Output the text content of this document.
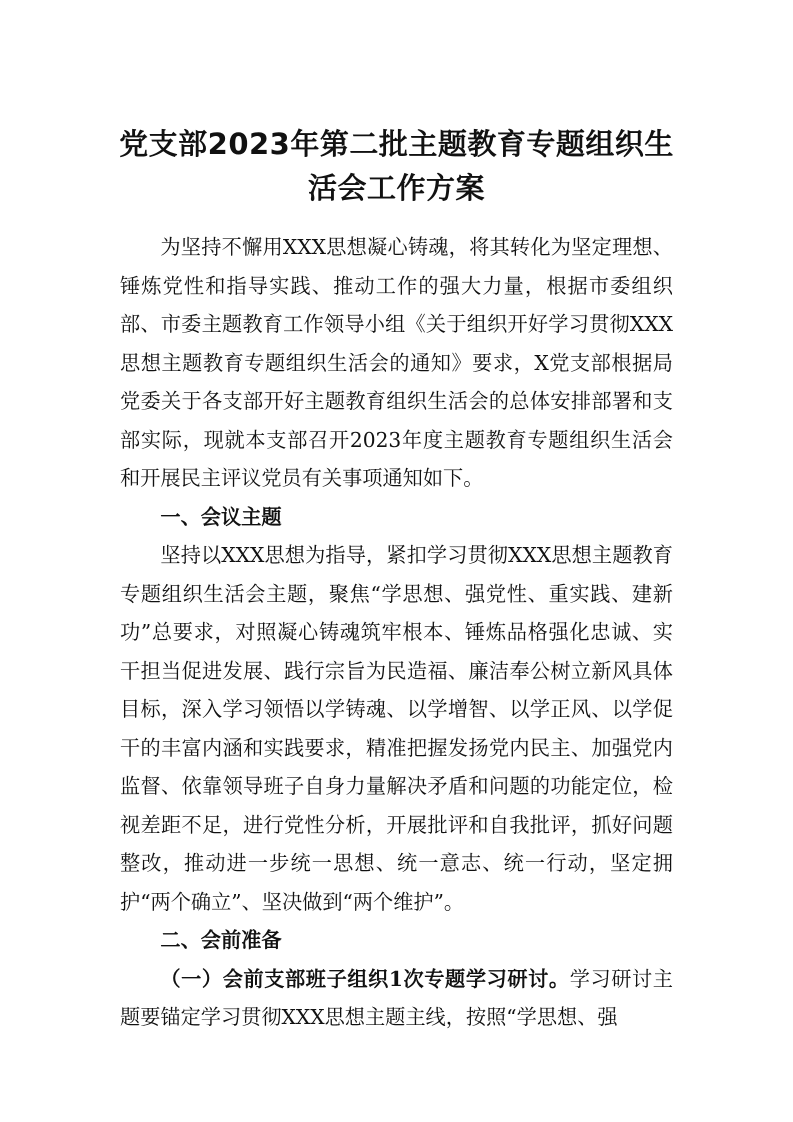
党支部2023年第二批主题教育专题组织生
活会工作方案

为坚持不懈用XXX思想凝心铸魂，将其转化为坚定理想、锤炼党性和指导实践、推动工作的强大力量，根据市委组织部、市委主题教育工作领导小组《关于组织开好学习贯彻XXX思想主题教育专题组织生活会的通知》要求，X党支部根据局党委关于各支部开好主题教育组织生活会的总体安排部署和支部实际，现就本支部召开2023年度主题教育专题组织生活会和开展民主评议党员有关事项通知如下。

一、会议主题

坚持以XXX思想为指导，紧扣学习贯彻XXX思想主题教育专题组织生活会主题，聚焦“学思想、强党性、重实践、建新功”总要求，对照凝心铸魂筑牢根本、锤炼品格强化忠诚、实干担当促进发展、践行宗旨为民造福、廉洁奉公树立新风具体目标，深入学习领悟以学铸魂、以学增智、以学正风、以学促干的丰富内涵和实践要求，精准把握发扬党内民主、加强党内监督、依靠领导班子自身力量解决矛盾和问题的功能定位，检视差距不足，进行党性分析，开展批评和自我批评，抓好问题整改，推动进一步统一思想、统一意志、统一行动，坚定拥护“两个确立”、坚决做到“两个维护”。

二、会前准备

（一）会前支部班子组织1次专题学习研讨。学习研讨主题要锚定学习贯彻XXX思想主题主线，按照“学思想、强
